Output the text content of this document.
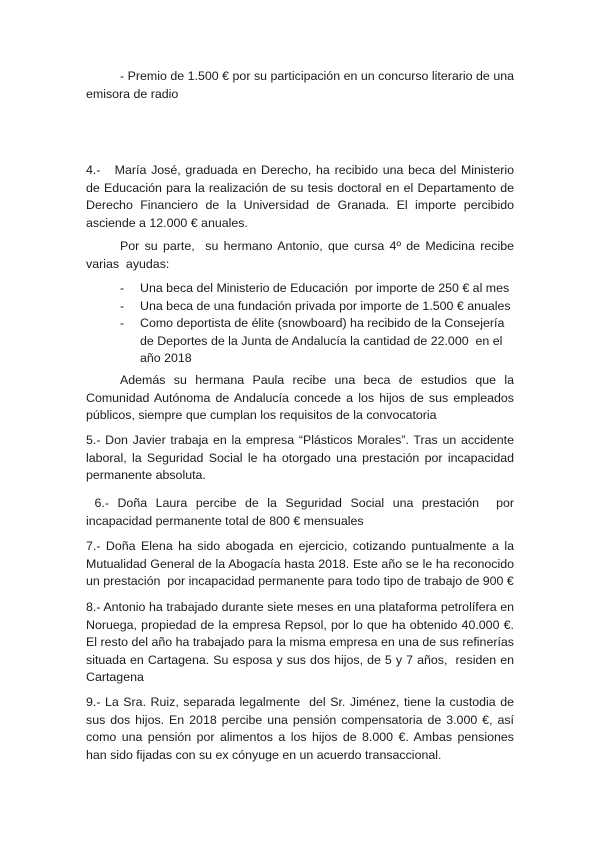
- Premio de 1.500 € por su participación en un concurso literario de una emisora de radio

4.-   María José, graduada en Derecho, ha recibido una beca del Ministerio de Educación para la realización de su tesis doctoral en el Departamento de Derecho Financiero de la Universidad de Granada. El importe percibido asciende a 12.000 € anuales.

Por su parte,  su hermano Antonio, que cursa 4º de Medicina recibe varias  ayudas:

- Una beca del Ministerio de Educación  por importe de 250 € al mes
- Una beca de una fundación privada por importe de 1.500 € anuales
- Como deportista de élite (snowboard) ha recibido de la Consejería de Deportes de la Junta de Andalucía la cantidad de 22.000  en el año 2018

Además su hermana Paula recibe una beca de estudios que la Comunidad Autónoma de Andalucía concede a los hijos de sus empleados públicos, siempre que cumplan los requisitos de la convocatoria

5.- Don Javier trabaja en la empresa “Plásticos Morales”. Tras un accidente laboral, la Seguridad Social le ha otorgado una prestación por incapacidad permanente absoluta.

6.- Doña Laura percibe de la Seguridad Social una prestación  por incapacidad permanente total de 800 € mensuales

7.- Doña Elena ha sido abogada en ejercicio, cotizando puntualmente a la Mutualidad General de la Abogacía hasta 2018. Este año se le ha reconocido un prestación  por incapacidad permanente para todo tipo de trabajo de 900 €

8.- Antonio ha trabajado durante siete meses en una plataforma petrolífera en Noruega, propiedad de la empresa Repsol, por lo que ha obtenido 40.000 €. El resto del año ha trabajado para la misma empresa en una de sus refinerías situada en Cartagena. Su esposa y sus dos hijos, de 5 y 7 años,  residen en Cartagena

9.- La Sra. Ruiz, separada legalmente  del Sr. Jiménez, tiene la custodia de sus dos hijos. En 2018 percibe una pensión compensatoria de 3.000 €, así como una pensión por alimentos a los hijos de 8.000 €. Ambas pensiones han sido fijadas con su ex cónyuge en un acuerdo transaccional.
